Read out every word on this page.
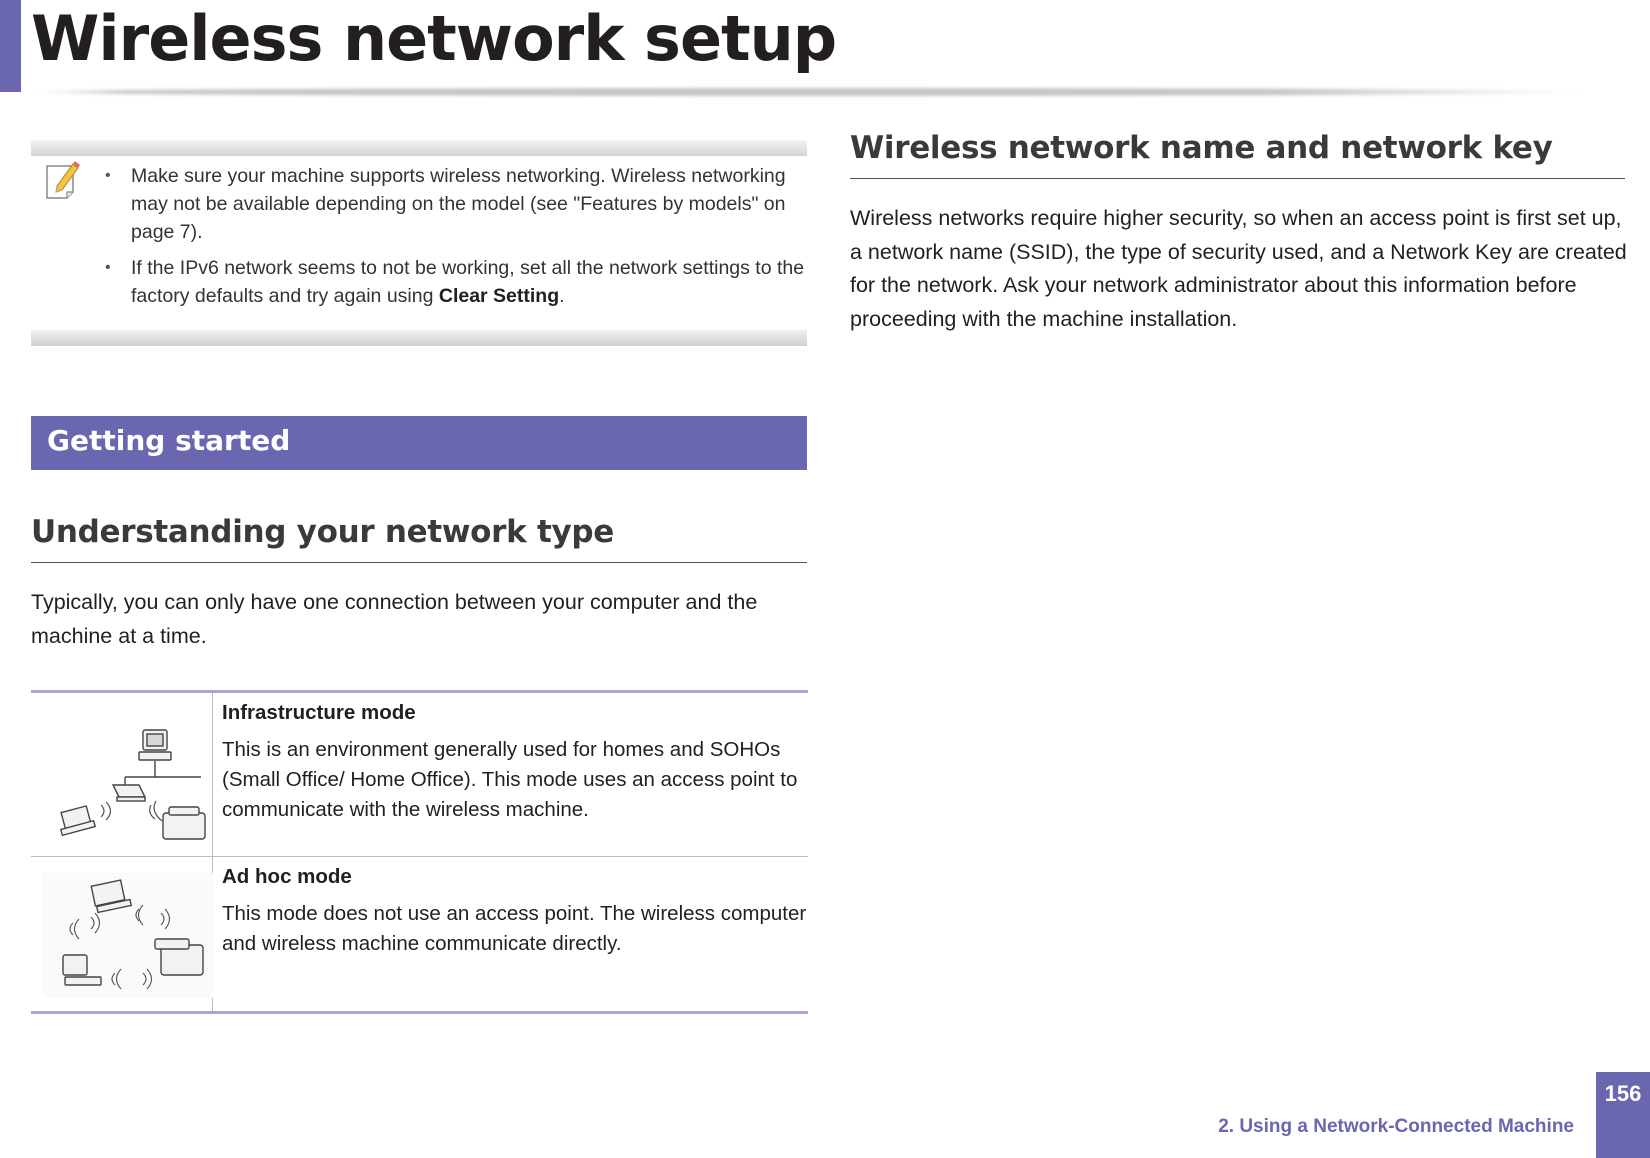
Wireless network setup
• Make sure your machine supports wireless networking. Wireless networking may not be available depending on the model (see "Features by models" on page 7).
• If the IPv6 network seems to not be working, set all the network settings to the factory defaults and try again using Clear Setting.
Getting started
Understanding your network type

Typically, you can only have one connection between your computer and the machine at a time.

Infrastructure mode

This is an environment generally used for homes and SOHOs (Small Office/ Home Office). This mode uses an access point to communicate with the wireless machine.

Ad hoc mode

This mode does not use an access point. The wireless computer and wireless machine communicate directly.

Wireless network name and network key

Wireless networks require higher security, so when an access point is first set up, a network name (SSID), the type of security used, and a Network Key are created for the network. Ask your network administrator about this information before proceeding with the machine installation.

2. Using a Network-Connected Machine
156
